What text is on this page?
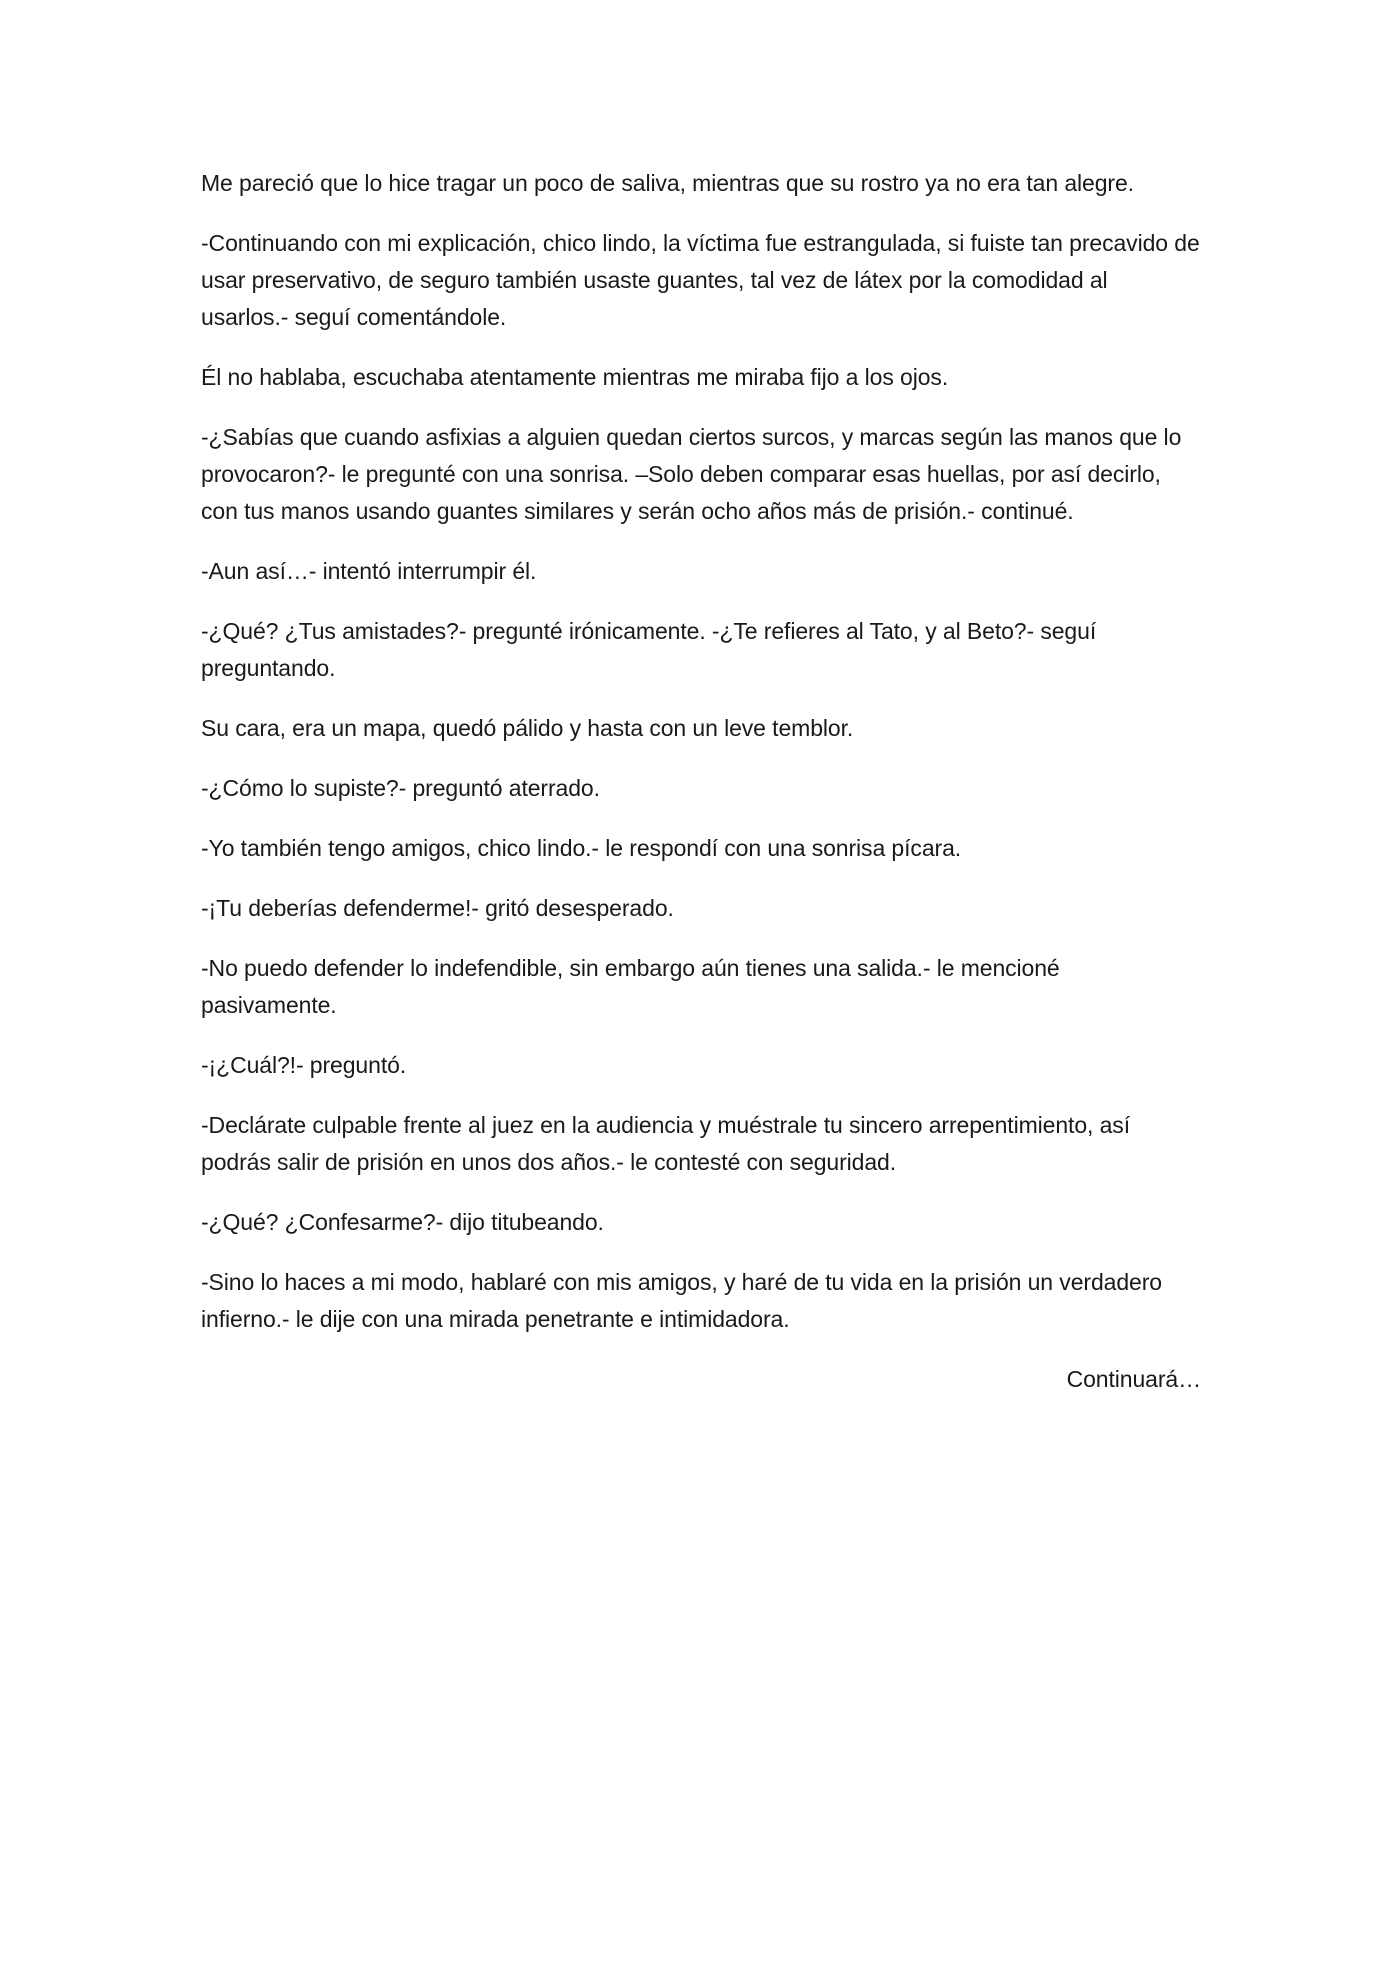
Me pareció que lo hice tragar un poco de saliva, mientras que su rostro ya no era tan alegre.

-Continuando con mi explicación, chico lindo, la víctima fue estrangulada, si fuiste tan precavido de usar preservativo, de seguro también usaste guantes, tal vez de látex por la comodidad al usarlos.- seguí comentándole.

Él no hablaba, escuchaba atentamente mientras me miraba fijo a los ojos.

-¿Sabías que cuando asfixias a alguien quedan ciertos surcos, y marcas según las manos que lo provocaron?- le pregunté con una sonrisa. –Solo deben comparar esas huellas, por así decirlo, con tus manos usando guantes similares y serán ocho años más de prisión.- continué.

-Aun así…- intentó interrumpir él.

-¿Qué? ¿Tus amistades?- pregunté irónicamente. -¿Te refieres al Tato, y al Beto?- seguí preguntando.

Su cara, era un mapa, quedó pálido y hasta con un leve temblor.

-¿Cómo lo supiste?- preguntó aterrado.

-Yo también tengo amigos, chico lindo.- le respondí con una sonrisa pícara.

-¡Tu deberías defenderme!- gritó desesperado.

-No puedo defender lo indefendible, sin embargo aún tienes una salida.- le mencioné pasivamente.

-¡¿Cuál?!- preguntó.

-Declárate culpable frente al juez en la audiencia y muéstrale tu sincero arrepentimiento, así podrás salir de prisión en unos dos años.- le contesté con seguridad.

-¿Qué? ¿Confesarme?- dijo titubeando.

-Sino lo haces a mi modo, hablaré con mis amigos, y haré de tu vida en la prisión un verdadero infierno.- le dije con una mirada penetrante e intimidadora.

Continuará…
